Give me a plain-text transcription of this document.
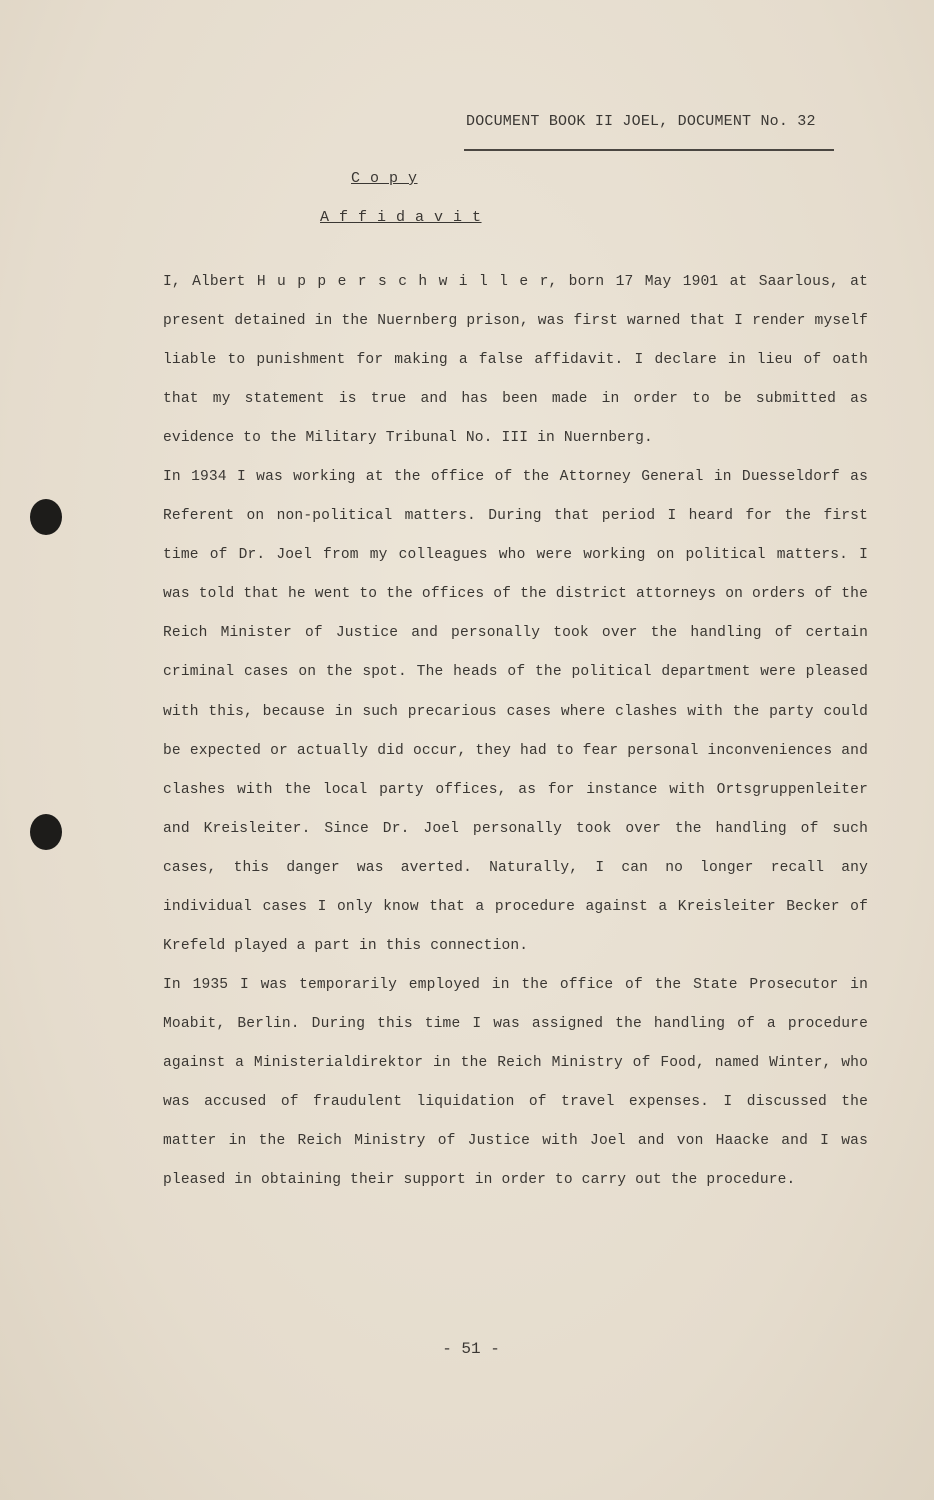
DOCUMENT BOOK II JOEL, DOCUMENT No. 32
C o p y
A f f i d a v i t

I, Albert H u p p e r s c h w i l l e r, born 17 May 1901 at Saarlous, at present detained in the Nuernberg prison, was first warned that I render myself liable to punishment for making a false affidavit. I declare in lieu of oath that my statement is true and has been made in order to be submitted as evidence to the Military Tribunal No. III in Nuernberg.

In 1934 I was working at the office of the Attorney General in Duesseldorf as Referent on non-political matters. During that period I heard for the first time of Dr. Joel from my colleagues who were working on political matters. I was told that he went to the offices of the district attorneys on orders of the Reich Minister of Justice and personally took over the handling of certain criminal cases on the spot. The heads of the political department were pleased with this, because in such precarious cases where clashes with the party could be expected or actually did occur, they had to fear personal inconveniences and clashes with the local party offices, as for instance with Ortsgruppenleiter and Kreisleiter. Since Dr. Joel personally took over the handling of such cases, this danger was averted. Naturally, I can no longer recall any individual cases I only know that a procedure against a Kreisleiter Becker of Krefeld played a part in this connection.

In 1935 I was temporarily employed in the office of the State Prosecutor in Moabit, Berlin. During this time I was assigned the handling of a procedure against a Ministerialdirektor in the Reich Ministry of Food, named Winter, who was accused of fraudulent liquidation of travel expenses. I discussed the matter in the Reich Ministry of Justice with Joel and von Haacke and I was pleased in obtaining their support in order to carry out the procedure.

- 51 -
